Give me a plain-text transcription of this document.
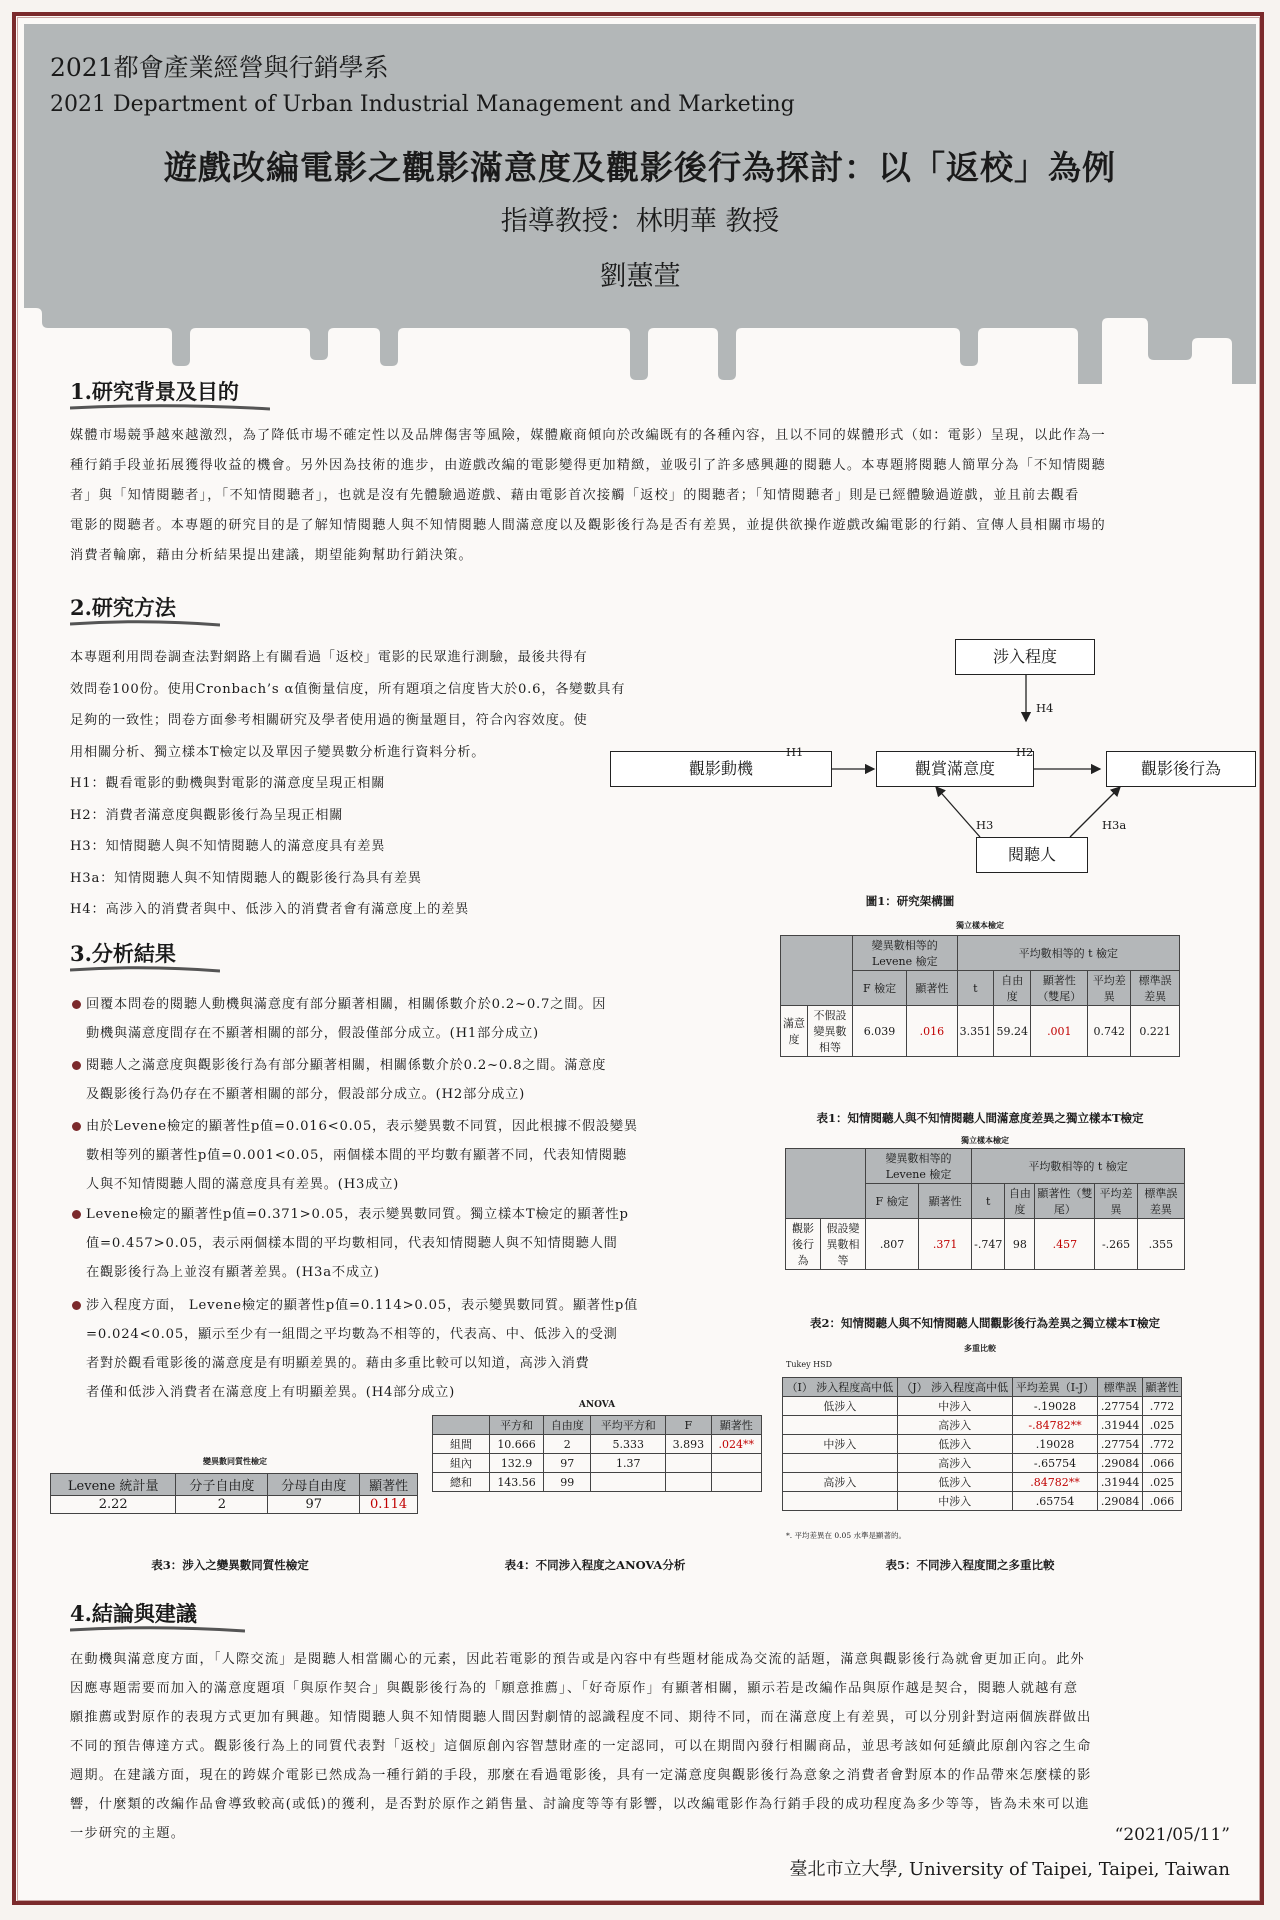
2021都會產業經營與行銷學系
2021 Department of Urban Industrial Management and Marketing
遊戲改編電影之觀影滿意度及觀影後行為探討：以「返校」為例
指導教授：林明華 教授
劉蕙萱
1.研究背景及目的
媒體市場競爭越來越激烈，為了降低市場不確定性以及品牌傷害等風險，媒體廠商傾向於改編既有的各種內容，且以不同的媒體形式（如：電影）呈現，以此作為一
種行銷手段並拓展獲得收益的機會。另外因為技術的進步，由遊戲改編的電影變得更加精緻，並吸引了許多感興趣的閱聽人。本專題將閱聽人簡單分為「不知情閱聽
者」與「知情閱聽者」，「不知情閱聽者」，也就是沒有先體驗過遊戲、藉由電影首次接觸「返校」的閱聽者；「知情閱聽者」則是已經體驗過遊戲，並且前去觀看
電影的閱聽者。本專題的研究目的是了解知情閱聽人與不知情閱聽人間滿意度以及觀影後行為是否有差異，並提供欲操作遊戲改編電影的行銷、宣傳人員相關市場的
消費者輪廓，藉由分析結果提出建議，期望能夠幫助行銷決策。
2.研究方法
本專題利用問卷調查法對網路上有關看過「返校」電影的民眾進行測驗，最後共得有
效問卷100份。使用Cronbach’s α值衡量信度，所有題項之信度皆大於0.6，各變數具有
足夠的一致性；問卷方面參考相關研究及學者使用過的衡量題目，符合內容效度。使
用相關分析、獨立樣本T檢定以及單因子變異數分析進行資料分析。
H1：觀看電影的動機與對電影的滿意度呈現正相關
H2：消費者滿意度與觀影後行為呈現正相關
H3：知情閱聽人與不知情閱聽人的滿意度具有差異
H3a：知情閱聽人與不知情閱聽人的觀影後行為具有差異
H4：高涉入的消費者與中、低涉入的消費者會有滿意度上的差異
涉入程度
觀影動機	觀賞滿意度	觀影後行為
閱聽人
H1	H2
H4
H3	H3a
圖1：研究架構圖
3.分析結果
回覆本問卷的閱聽人動機與滿意度有部分顯著相關，相關係數介於0.2~0.7之間。因
動機與滿意度間存在不顯著相關的部分，假設僅部分成立。(H1部分成立)
閱聽人之滿意度與觀影後行為有部分顯著相關，相關係數介於0.2~0.8之間。滿意度
及觀影後行為仍存在不顯著相關的部分，假設部分成立。(H2部分成立)
由於Levene檢定的顯著性p值=0.016<0.05，表示變異數不同質，因此根據不假設變異
數相等列的顯著性p值=0.001<0.05，兩個樣本間的平均數有顯著不同，代表知情閱聽
人與不知情閱聽人間的滿意度具有差異。(H3成立)
Levene檢定的顯著性p值=0.371>0.05，表示變異數同質。獨立樣本T檢定的顯著性p
值=0.457>0.05，表示兩個樣本間的平均數相同，代表知情閱聽人與不知情閱聽人間
在觀影後行為上並沒有顯著差異。(H3a不成立)
涉入程度方面， Levene檢定的顯著性p值=0.114>0.05，表示變異數同質。顯著性p值
=0.024<0.05，顯示至少有一組間之平均數為不相等的，代表高、中、低涉入的受測
者對於觀看電影後的滿意度是有明顯差異的。藉由多重比較可以知道，高涉入消費
者僅和低涉入消費者在滿意度上有明顯差異。(H4部分成立)
獨立樣本檢定
		變異數相等的 Levene 檢定		平均數相等的 t 檢定				
		F 檢定	顯著性	t	自由度	顯著性（雙尾）	平均差異	標準誤差異
滿意度	不假設變異數相等	6.039	.016	3.351	59.24	.001	0.742	0.221
表1：知情閱聽人與不知情閱聽人間滿意度差異之獨立樣本T檢定
獨立樣本檢定
		變異數相等的 Levene 檢定		平均數相等的 t 檢定				
		F 檢定	顯著性	t	自由度	顯著性（雙尾）	平均差異	標準誤差異
觀影後行為	假設變異數相等	.807	.371	-.747	98	.457	-.265	.355
表2：知情閱聽人與不知情閱聽人間觀影後行為差異之獨立樣本T檢定
多重比較
Tukey HSD
（I） 涉入程度高中低	（J） 涉入程度高中低	平均差異（I-J）	標準誤	顯著性
低涉入	中涉入	-.19028	.27754	.772
	高涉入	-.84782**	.31944	.025
中涉入	低涉入	.19028	.27754	.772
	高涉入	-.65754	.29084	.066
高涉入	低涉入	.84782**	.31944	.025
	中涉入	.65754	.29084	.066
*. 平均差異在 0.05 水準是顯著的。
ANOVA
	平方和	自由度	平均平方和	F	顯著性
組間	10.666	2	5.333	3.893	.024**
組內	132.9	97	1.37		
總和	143.56	99			
變異數同質性檢定
Levene 統計量	分子自由度	分母自由度	顯著性
2.22	2	97	0.114
表3：涉入之變異數同質性檢定	表4：不同涉入程度之ANOVA分析	表5：不同涉入程度間之多重比較
4.結論與建議
在動機與滿意度方面，「人際交流」是閱聽人相當關心的元素，因此若電影的預告或是內容中有些題材能成為交流的話題，滿意與觀影後行為就會更加正向。此外
因應專題需要而加入的滿意度題項「與原作契合」與觀影後行為的「願意推薦」、「好奇原作」有顯著相關，顯示若是改編作品與原作越是契合，閱聽人就越有意
願推薦或對原作的表現方式更加有興趣。知情閱聽人與不知情閱聽人間因對劇情的認識程度不同、期待不同，而在滿意度上有差異，可以分別針對這兩個族群做出
不同的預告傳達方式。觀影後行為上的同質代表對「返校」這個原創內容智慧財產的一定認同，可以在期間內發行相關商品，並思考該如何延續此原創內容之生命
週期。在建議方面，現在的跨媒介電影已然成為一種行銷的手段，那麼在看過電影後，具有一定滿意度與觀影後行為意象之消費者會對原本的作品帶來怎麼樣的影
響，什麼類的改編作品會導致較高(或低)的獲利，是否對於原作之銷售量、討論度等等有影響，以改編電影作為行銷手段的成功程度為多少等等，皆為未來可以進
一步研究的主題。	“2021/05/11”
臺北市立大學, University of Taipei, Taipei, Taiwan
